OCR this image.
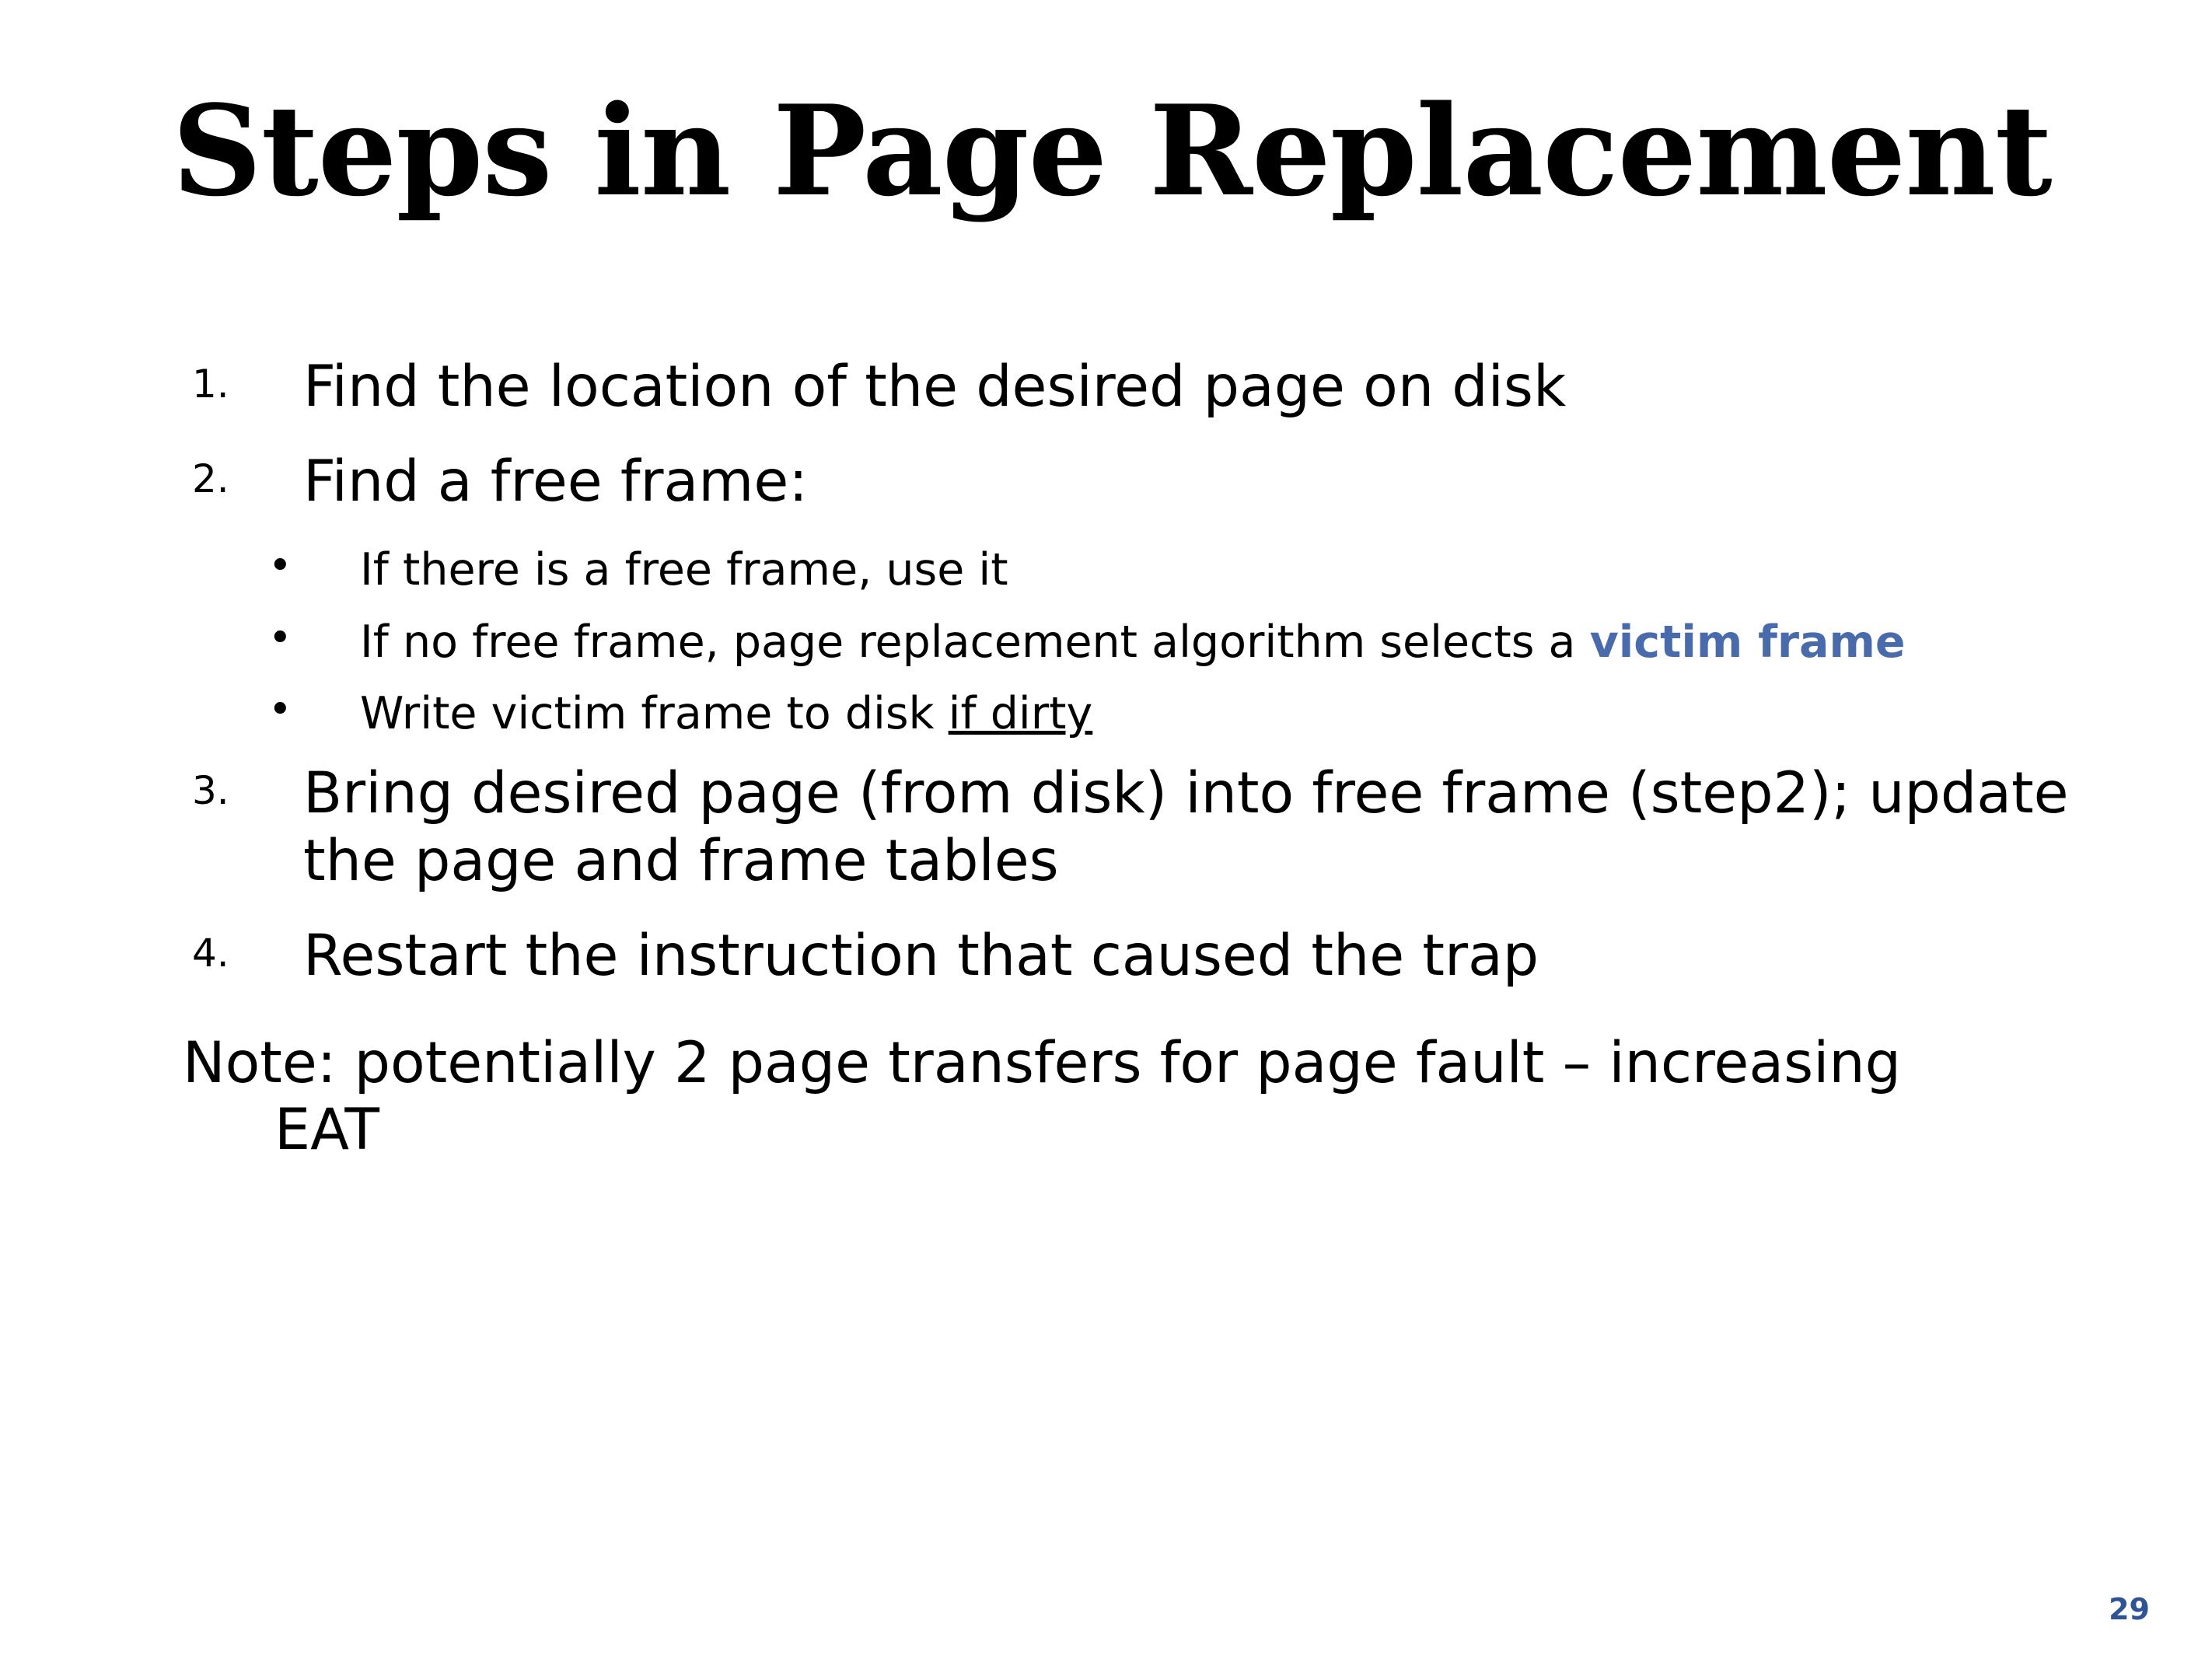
Steps in Page Replacement
1. Find the location of the desired page on disk
2. Find a free frame:
• If there is a free frame, use it
• If no free frame, page replacement algorithm selects a victim frame
• Write victim frame to disk if dirty
3. Bring desired page (from disk) into free frame (step2); update the page and frame tables
4. Restart the instruction that caused the trap
Note: potentially 2 page transfers for page fault – increasing
EAT
29
